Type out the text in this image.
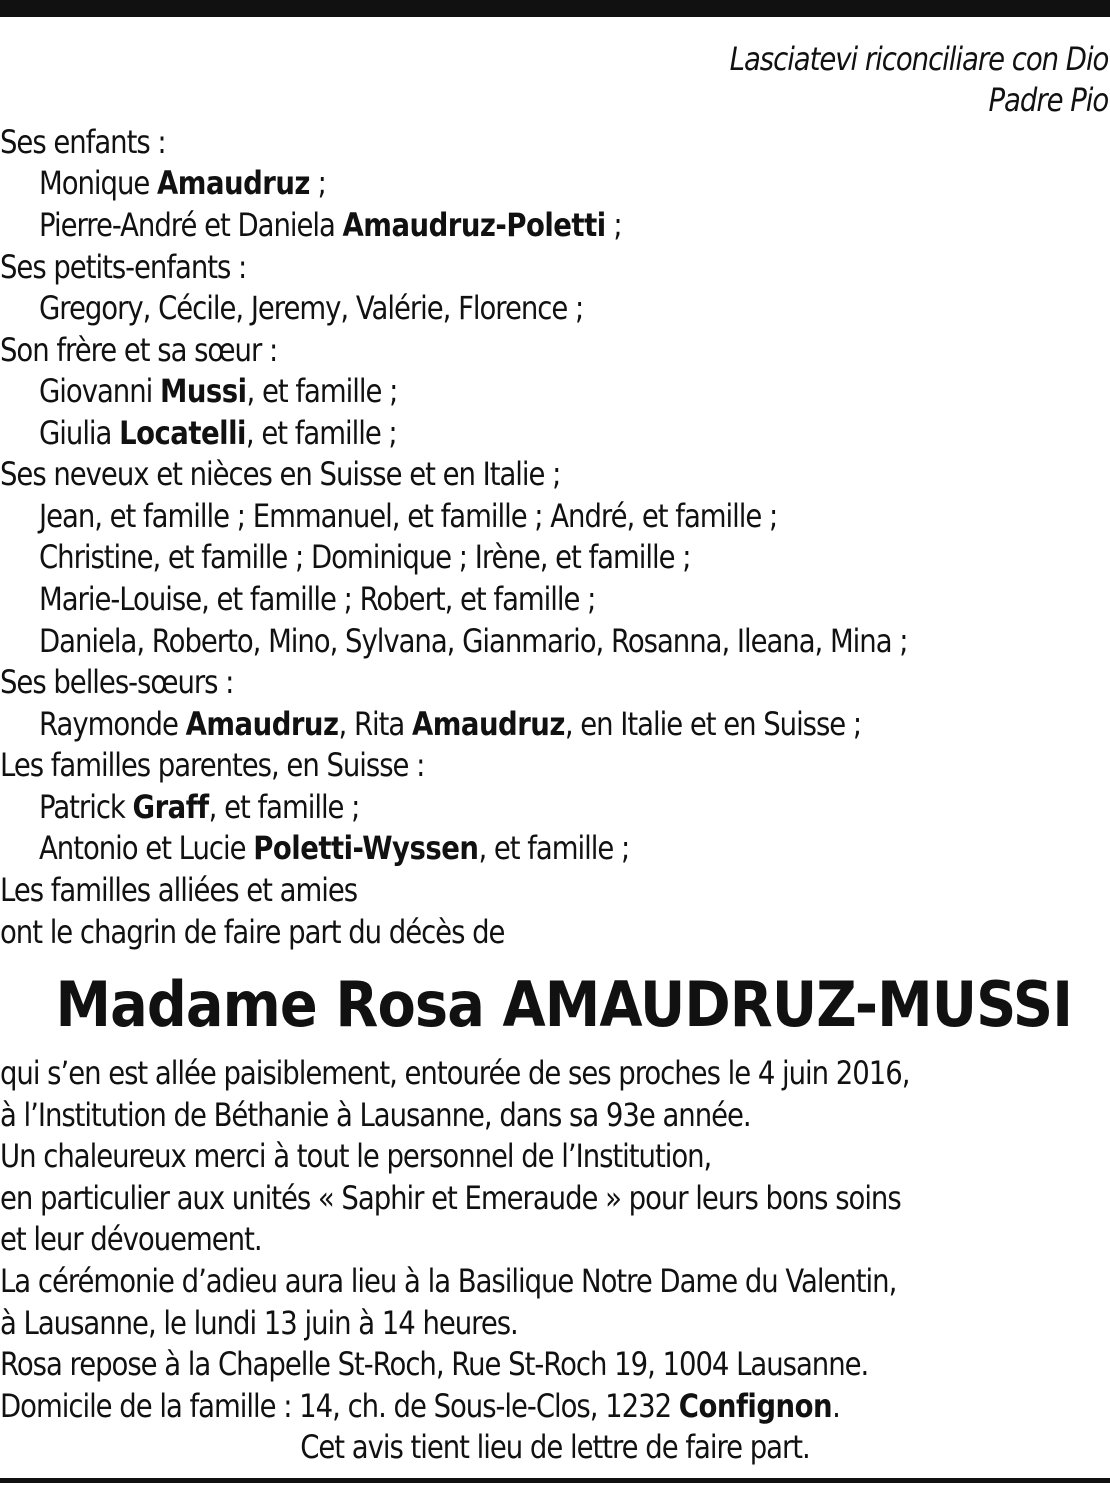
Lasciatevi riconciliare con Dio
Padre Pio
Ses enfants :
Monique Amaudruz ;
Pierre-André et Daniela Amaudruz-Poletti ;
Ses petits-enfants :
Gregory, Cécile, Jeremy, Valérie, Florence ;
Son frère et sa sœur :
Giovanni Mussi, et famille ;
Giulia Locatelli, et famille ;
Ses neveux et nièces en Suisse et en Italie ;
Jean, et famille ; Emmanuel, et famille ; André, et famille ;
Christine, et famille ; Dominique ; Irène, et famille ;
Marie-Louise, et famille ; Robert, et famille ;
Daniela, Roberto, Mino, Sylvana, Gianmario, Rosanna, Ileana, Mina ;
Ses belles-sœurs :
Raymonde Amaudruz, Rita Amaudruz, en Italie et en Suisse ;
Les familles parentes, en Suisse :
Patrick Graff, et famille ;
Antonio et Lucie Poletti-Wyssen, et famille ;
Les familles alliées et amies
ont le chagrin de faire part du décès de
Madame Rosa AMAUDRUZ-MUSSI
qui s’en est allée paisiblement, entourée de ses proches le 4 juin 2016,
à l’Institution de Béthanie à Lausanne, dans sa 93e année.
Un chaleureux merci à tout le personnel de l’Institution,
en particulier aux unités « Saphir et Emeraude » pour leurs bons soins
et leur dévouement.
La cérémonie d’adieu aura lieu à la Basilique Notre Dame du Valentin,
à Lausanne, le lundi 13 juin à 14 heures.
Rosa repose à la Chapelle St-Roch, Rue St-Roch 19, 1004 Lausanne.
Domicile de la famille : 14, ch. de Sous-le-Clos, 1232 Confignon.
Cet avis tient lieu de lettre de faire part.
